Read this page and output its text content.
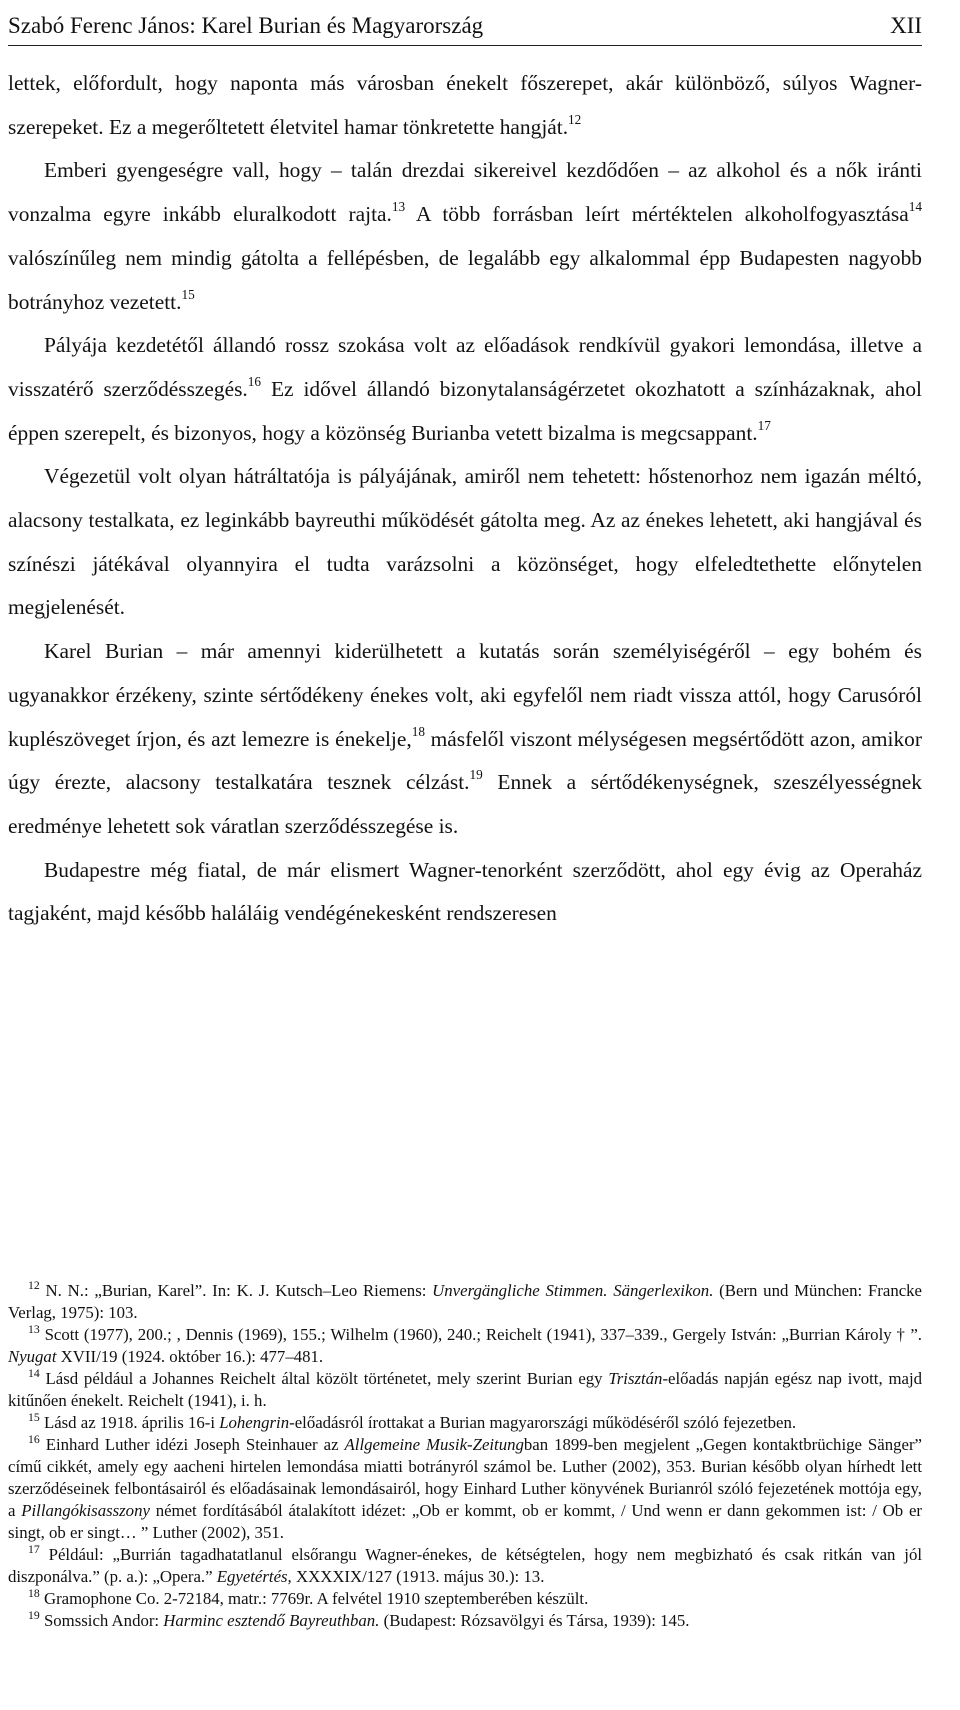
Szabó Ferenc János: Karel Burian és Magyarország	XII

lettek, előfordult, hogy naponta más városban énekelt főszerepet, akár különböző, súlyos Wagner-szerepeket. Ez a megerőltetett életvitel hamar tönkretette hangját.$^{12}$

Emberi gyengeségre vall, hogy – talán drezdai sikereivel kezdődően – az alkohol és a nők iránti vonzalma egyre inkább eluralkodott rajta.$^{13}$ A több forrásban leírt mértéktelen alkoholfogyasztása$^{14}$ valószínűleg nem mindig gátolta a fellépésben, de legalább egy alkalommal épp Budapesten nagyobb botrányhoz vezetett.$^{15}$

Pályája kezdetétől állandó rossz szokása volt az előadások rendkívül gyakori lemondása, illetve a visszatérő szerződésszegés.$^{16}$ Ez idővel állandó bizonytalanságérzetet okozhatott a színházaknak, ahol éppen szerepelt, és bizonyos, hogy a közönség Burianba vetett bizalma is megcsappant.$^{17}$

Végezetül volt olyan hátráltatója is pályájának, amiről nem tehetett: hőstenorhoz nem igazán méltó, alacsony testalkata, ez leginkább bayreuthi működését gátolta meg. Az az énekes lehetett, aki hangjával és színészi játékával olyannyira el tudta varázsolni a közönséget, hogy elfeledtethette előnytelen megjelenését.

Karel Burian – már amennyi kiderülhetett a kutatás során személyiségéről – egy bohém és ugyanakkor érzékeny, szinte sértődékeny énekes volt, aki egyfelől nem riadt vissza attól, hogy Carusóról kuplészöveget írjon, és azt lemezre is énekelje,$^{18}$ másfelől viszont mélységesen megsértődött azon, amikor úgy érezte, alacsony testalkatára tesznek célzást.$^{19}$ Ennek a sértődékenységnek, szeszélyességnek eredménye lehetett sok váratlan szerződésszegése is.

Budapestre még fiatal, de már elismert Wagner-tenorként szerződött, ahol egy évig az Operaház tagjaként, majd később haláláig vendégénekesként rendszeresen

$^{12}$ N. N.: „Burian, Karel”. In: K. J. Kutsch–Leo Riemens: Unvergängliche Stimmen. Sängerlexikon. (Bern und München: Francke Verlag, 1975): 103.

$^{13}$ Scott (1977), 200.; , Dennis (1969), 155.; Wilhelm (1960), 240.; Reichelt (1941), 337–339., Gergely István: „Burrian Károly † ”. Nyugat XVII/19 (1924. október 16.): 477–481.

$^{14}$ Lásd például a Johannes Reichelt által közölt történetet, mely szerint Burian egy Trisztán-előadás napján egész nap ivott, majd kitűnően énekelt. Reichelt (1941), i. h.

$^{15}$ Lásd az 1918. április 16-i Lohengrin-előadásról írottakat a Burian magyarországi működéséről szóló fejezetben.

$^{16}$ Einhard Luther idézi Joseph Steinhauer az Allgemeine Musik-Zeitungban 1899-ben megjelent „Gegen kontaktbrüchige Sänger” című cikkét, amely egy aacheni hirtelen lemondása miatti botrányról számol be. Luther (2002), 353. Burian később olyan hírhedt lett szerződéseinek felbontásairól és előadásainak lemondásairól, hogy Einhard Luther könyvének Burianról szóló fejezetének mottója egy, a Pillangókisasszony német fordításából átalakított idézet: „Ob er kommt, ob er kommt, / Und wenn er dann gekommen ist: / Ob er singt, ob er singt… ” Luther (2002), 351.

$^{17}$ Például: „Burrián tagadhatatlanul elsőrangu Wagner-énekes, de kétségtelen, hogy nem megbizható és csak ritkán van jól diszponálva.” (p. a.): „Opera.” Egyetértés, XXXXIX/127 (1913. május 30.): 13.

$^{18}$ Gramophone Co. 2-72184, matr.: 7769r. A felvétel 1910 szeptemberében készült.

$^{19}$ Somssich Andor: Harminc esztendő Bayreuthban. (Budapest: Rózsavölgyi és Társa, 1939): 145.
